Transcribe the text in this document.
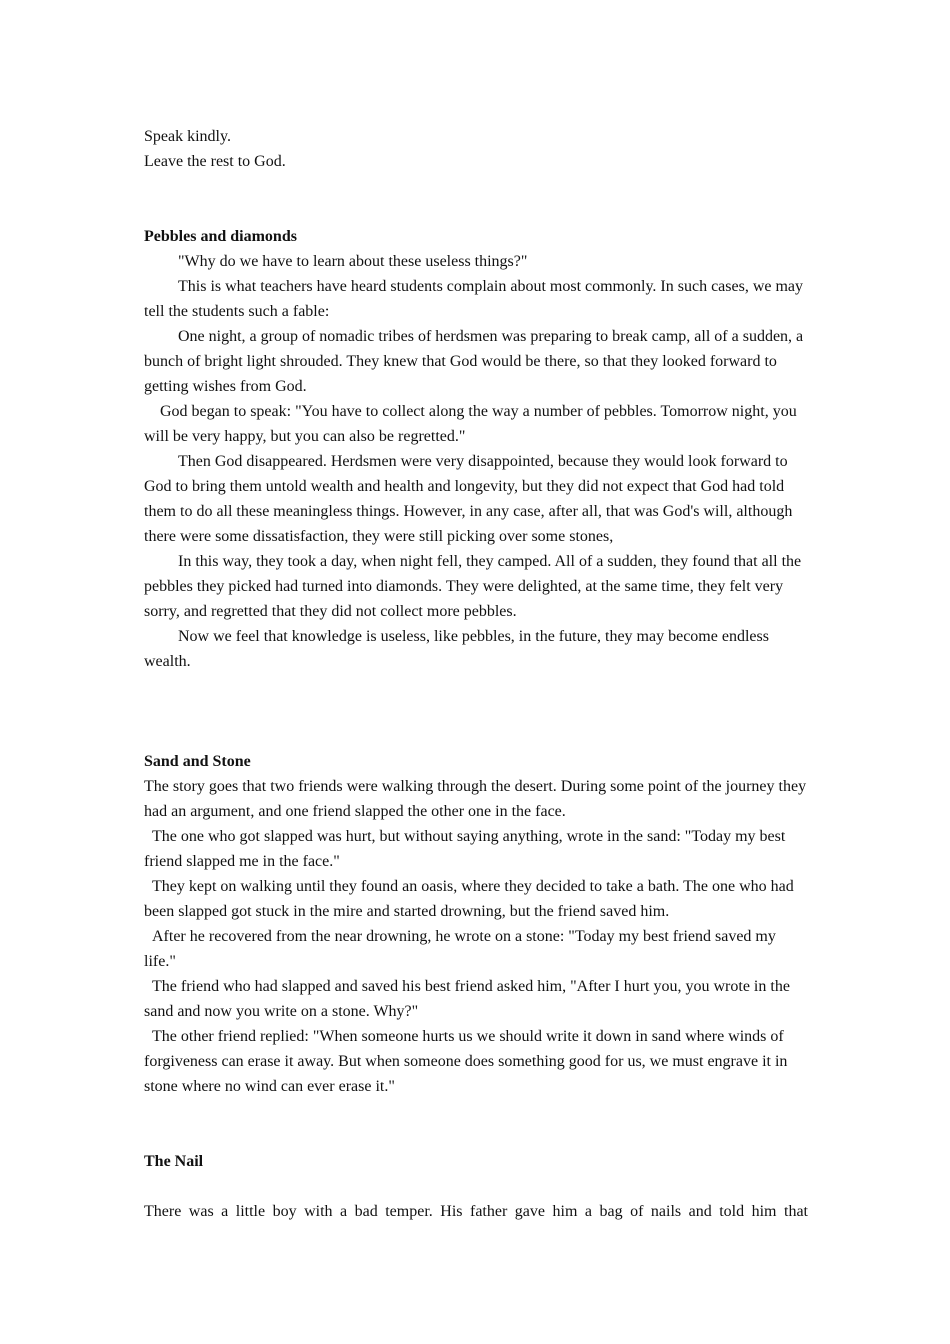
Speak kindly.

Leave the rest to God.

Pebbles and diamonds

"Why do we have to learn about these useless things?"

This is what teachers have heard students complain about most commonly. In such cases, we may tell the students such a fable:

One night, a group of nomadic tribes of herdsmen was preparing to break camp, all of a sudden, a bunch of bright light shrouded. They knew that God would be there, so that they looked forward to getting wishes from God.

God began to speak: "You have to collect along the way a number of pebbles. Tomorrow night, you will be very happy, but you can also be regretted."

Then God disappeared. Herdsmen were very disappointed, because they would look forward to God to bring them untold wealth and health and longevity, but they did not expect that God had told them to do all these meaningless things. However, in any case, after all, that was God's will, although there were some dissatisfaction, they were still picking over some stones,

In this way, they took a day, when night fell, they camped. All of a sudden, they found that all the pebbles they picked had turned into diamonds. They were delighted, at the same time, they felt very sorry, and regretted that they did not collect more pebbles.

Now we feel that knowledge is useless, like pebbles, in the future, they may become endless wealth.

Sand and Stone

The story goes that two friends were walking through the desert. During some point of the journey they had an argument, and one friend slapped the other one in the face.

The one who got slapped was hurt, but without saying anything, wrote in the sand: "Today my best friend slapped me in the face."

They kept on walking until they found an oasis, where they decided to take a bath. The one who had been slapped got stuck in the mire and started drowning, but the friend saved him.

After he recovered from the near drowning, he wrote on a stone: "Today my best friend saved my life."

The friend who had slapped and saved his best friend asked him, "After I hurt you, you wrote in the sand and now you write on a stone. Why?"

The other friend replied: "When someone hurts us we should write it down in sand where winds of forgiveness can erase it away. But when someone does something good for us, we must engrave it in stone where no wind can ever erase it."

The Nail

There was a little boy with a bad temper. His father gave him a bag of nails and told him that
